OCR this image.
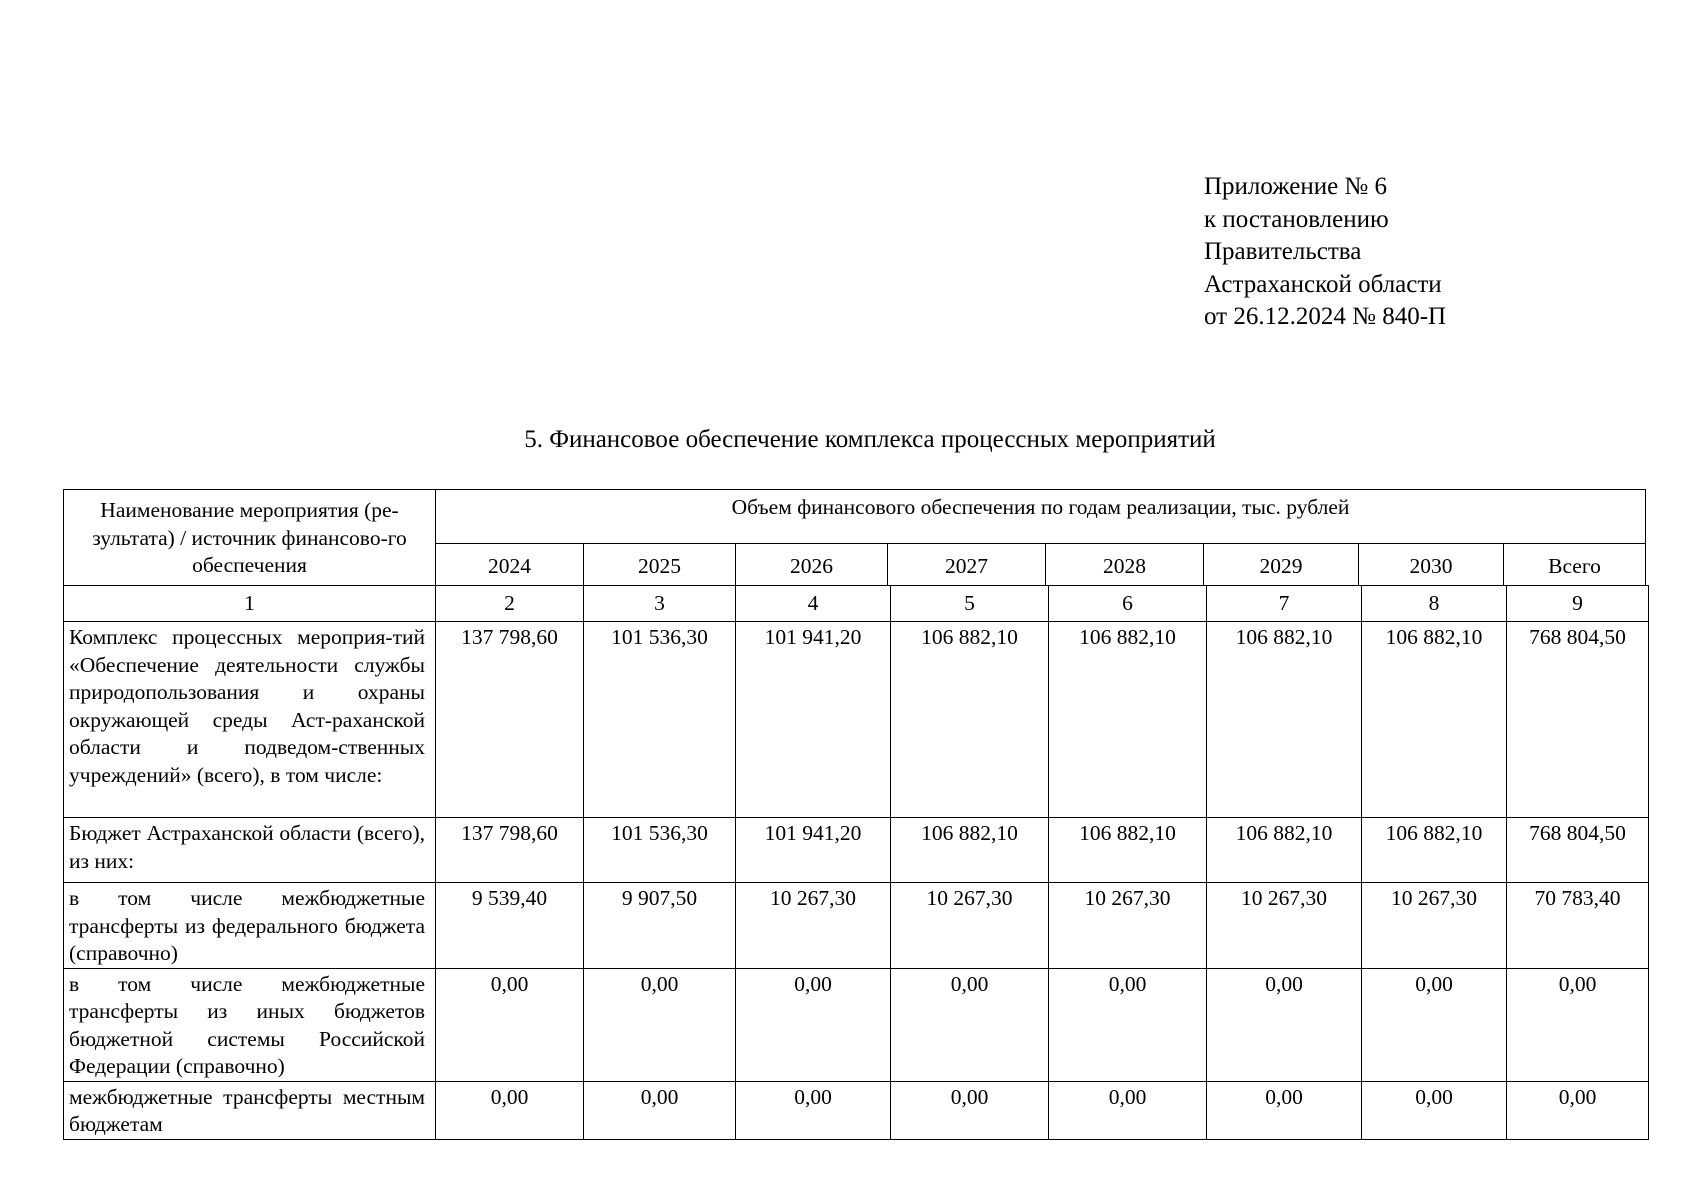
Приложение № 6
к постановлению
Правительства
Астраханской области
от 26.12.2024 № 840-П
5. Финансовое обеспечение комплекса процессных мероприятий
Наименование мероприятия (ре-зультата) / источник финансово-го обеспечения	Объем финансового обеспечения по годам реализации, тыс. рублей							
	2024	2025	2026	2027	2028	2029	2030	Всего
1	2	3	4	5	6	7	8	9
Комплекс процессных мероприя-тий «Обеспечение деятельности службы природопользования и охраны окружающей среды Аст-раханской области и подведом-ственных учреждений» (всего), в том числе:	137 798,60	101 536,30	101 941,20	106 882,10	106 882,10	106 882,10	106 882,10	768 804,50
Бюджет Астраханской области (всего), из них:	137 798,60	101 536,30	101 941,20	106 882,10	106 882,10	106 882,10	106 882,10	768 804,50
в том числе межбюджетные трансферты из федерального бюджета (справочно)	9 539,40	9 907,50	10 267,30	10 267,30	10 267,30	10 267,30	10 267,30	70 783,40
в том числе межбюджетные трансферты из иных бюджетов бюджетной системы Российской Федерации (справочно)	0,00	0,00	0,00	0,00	0,00	0,00	0,00	0,00
межбюджетные трансферты местным бюджетам	0,00	0,00	0,00	0,00	0,00	0,00	0,00	0,00
